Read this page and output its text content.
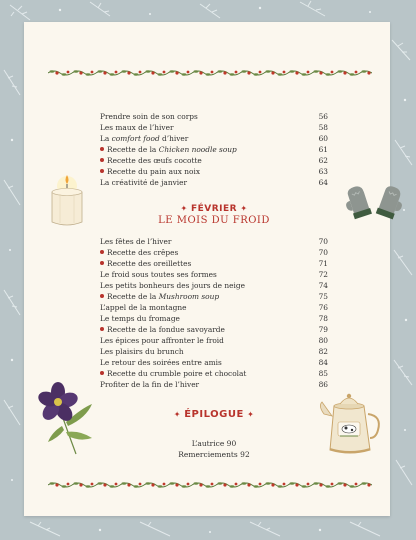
Prendre soin de son corps	56
Les maux de l’hiver	58
La comfort food d’hiver	60
Recette de la Chicken noodle soup	61
Recette des œufs cocotte	62
Recette du pain aux noix	63
La créativité de janvier	64
✦ FÉVRIER ✦
LE MOIS DU FROID
Les fêtes de l’hiver	70
Recette des crêpes	70
Recette des oreillettes	71
Le froid sous toutes ses formes	72
Les petits bonheurs des jours de neige	74
Recette de la Mushroom soup	75
L’appel de la montagne	76
Le temps du fromage	78
Recette de la fondue savoyarde	79
Les épices pour affronter le froid	80
Les plaisirs du brunch	82
Le retour des soirées entre amis	84
Recette du crumble poire et chocolat	85
Profiter de la fin de l’hiver	86
✦ ÉPILOGUE ✦
L’autrice 90
Remerciements 92
